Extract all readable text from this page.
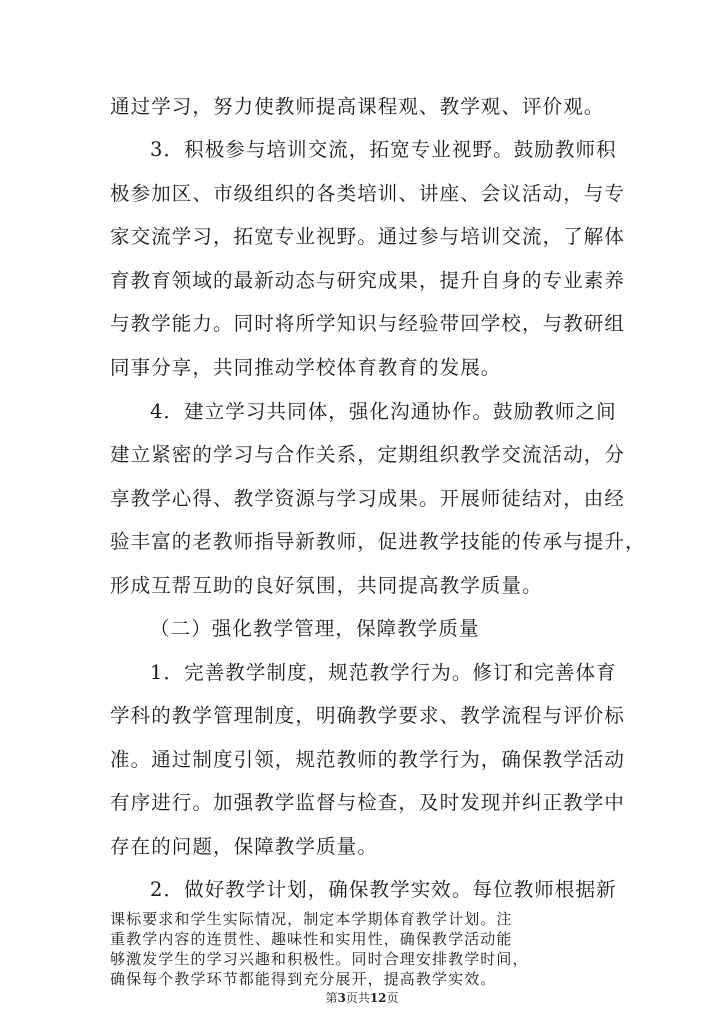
通过学习，努力使教师提高课程观、教学观、评价观。
3．积极参与培训交流，拓宽专业视野。鼓励教师积
极参加区、市级组织的各类培训、讲座、会议活动，与专
家交流学习，拓宽专业视野。通过参与培训交流，了解体
育教育领域的最新动态与研究成果，提升自身的专业素养
与教学能力。同时将所学知识与经验带回学校，与教研组
同事分享，共同推动学校体育教育的发展。
4．建立学习共同体，强化沟通协作。鼓励教师之间
建立紧密的学习与合作关系，定期组织教学交流活动，分
享教学心得、教学资源与学习成果。开展师徒结对，由经
验丰富的老教师指导新教师，促进教学技能的传承与提升，
形成互帮互助的良好氛围，共同提高教学质量。
（二）强化教学管理，保障教学质量
1．完善教学制度，规范教学行为。修订和完善体育
学科的教学管理制度，明确教学要求、教学流程与评价标
准。通过制度引领，规范教师的教学行为，确保教学活动
有序进行。加强教学监督与检查，及时发现并纠正教学中
存在的问题，保障教学质量。
2．做好教学计划，确保教学实效。每位教师根据新
第3页共12页
课标要求和学生实际情况，制定本学期体育教学计划。注
重教学内容的连贯性、趣味性和实用性，确保教学活动能
够激发学生的学习兴趣和积极性。同时合理安排教学时间，
确保每个教学环节都能得到充分展开，提高教学实效。
